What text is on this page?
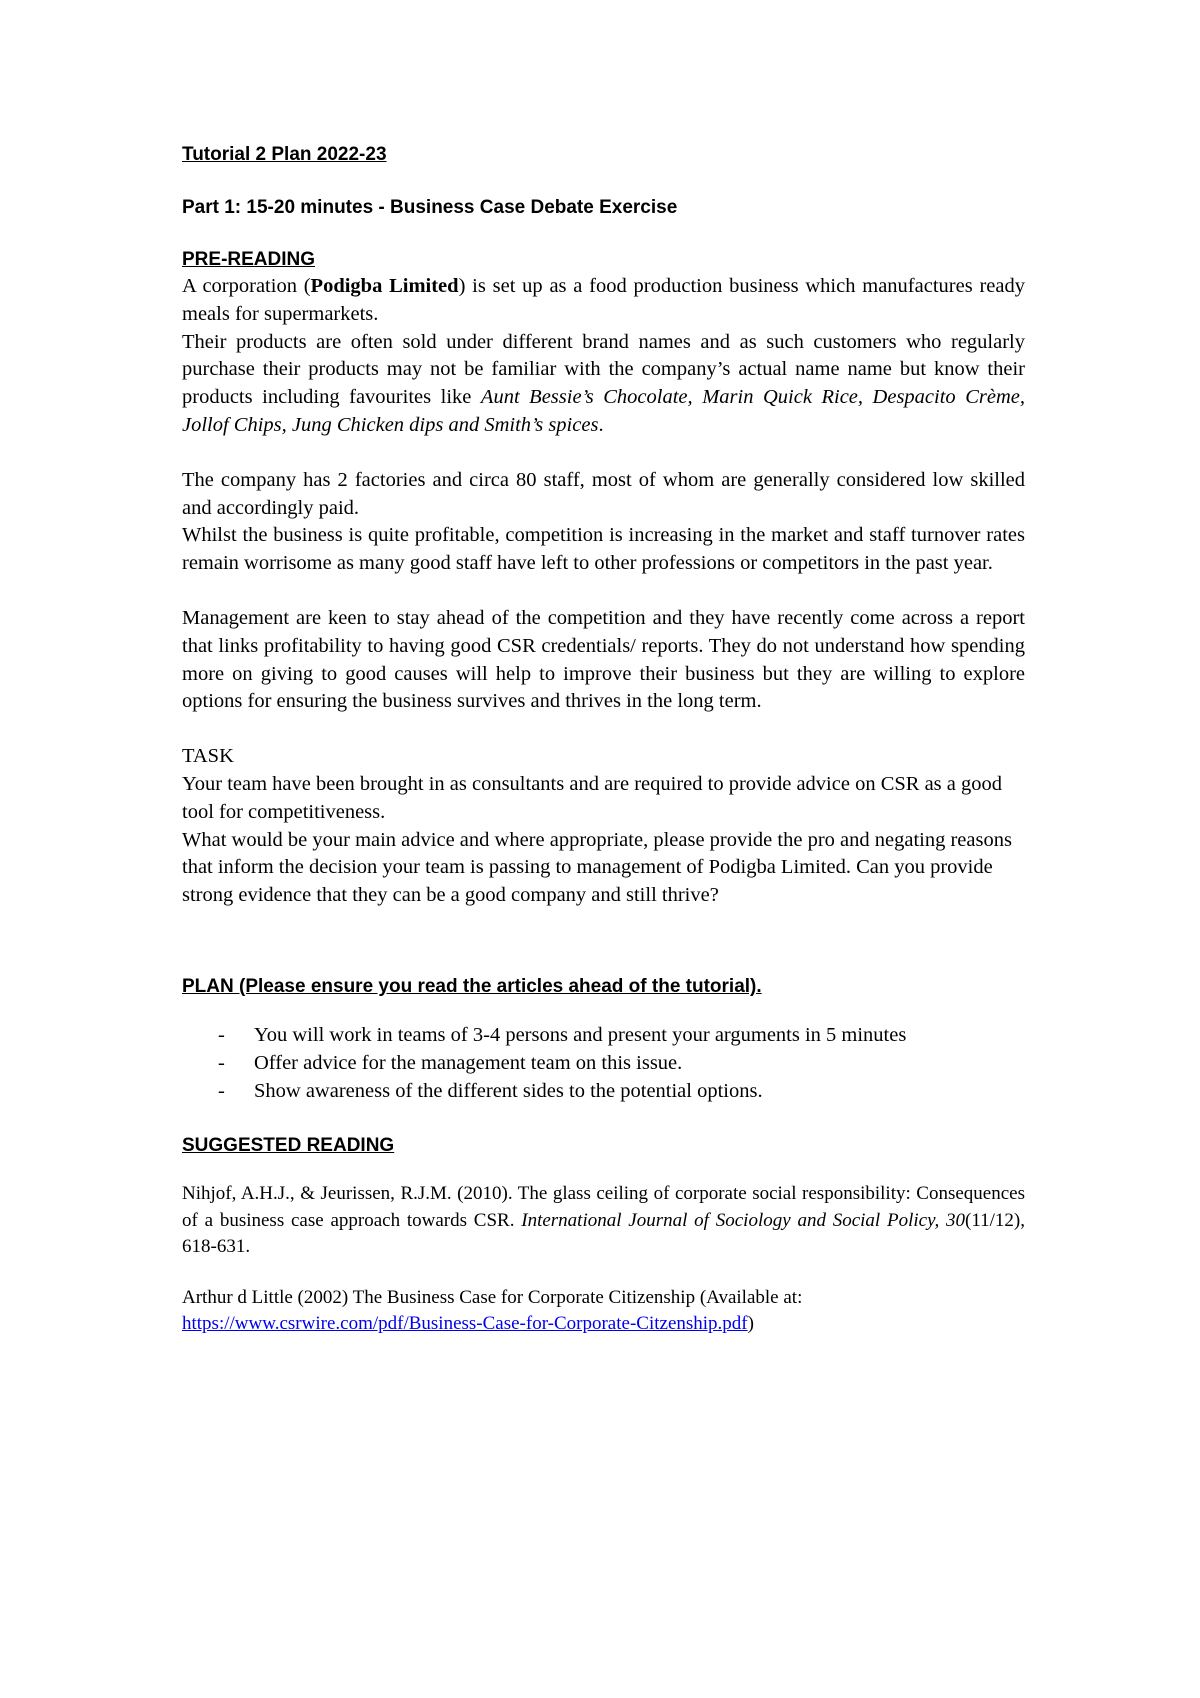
Tutorial 2 Plan 2022-23

Part 1: 15-20 minutes - Business Case Debate Exercise

PRE-READING

A corporation (Podigba Limited) is set up as a food production business which manufactures ready meals for supermarkets.

Their products are often sold under different brand names and as such customers who regularly purchase their products may not be familiar with the company’s actual name name but know their products including favourites like Aunt Bessie’s Chocolate, Marin Quick Rice, Despacito Crème, Jollof Chips, Jung Chicken dips and Smith’s spices.

The company has 2 factories and circa 80 staff, most of whom are generally considered low skilled and accordingly paid.

Whilst the business is quite profitable, competition is increasing in the market and staff turnover rates remain worrisome as many good staff have left to other professions or competitors in the past year.

Management are keen to stay ahead of the competition and they have recently come across a report that links profitability to having good CSR credentials/ reports. They do not understand how spending more on giving to good causes will help to improve their business but they are willing to explore options for ensuring the business survives and thrives in the long term.

TASK

Your team have been brought in as consultants and are required to provide advice on CSR as a good tool for competitiveness.

What would be your main advice and where appropriate, please provide the pro and negating reasons that inform the decision your team is passing to management of Podigba Limited. Can you provide strong evidence that they can be a good company and still thrive?

PLAN (Please ensure you read the articles ahead of the tutorial).

- You will work in teams of 3-4 persons and present your arguments in 5 minutes
- Offer advice for the management team on this issue.
- Show awareness of the different sides to the potential options.

SUGGESTED READING

Nihjof, A.H.J., & Jeurissen, R.J.M. (2010). The glass ceiling of corporate social responsibility: Consequences of a business case approach towards CSR. International Journal of Sociology and Social Policy, 30(11/12), 618-631.

Arthur d Little (2002) The Business Case for Corporate Citizenship (Available at:
https://www.csrwire.com/pdf/Business-Case-for-Corporate-Citzenship.pdf)
